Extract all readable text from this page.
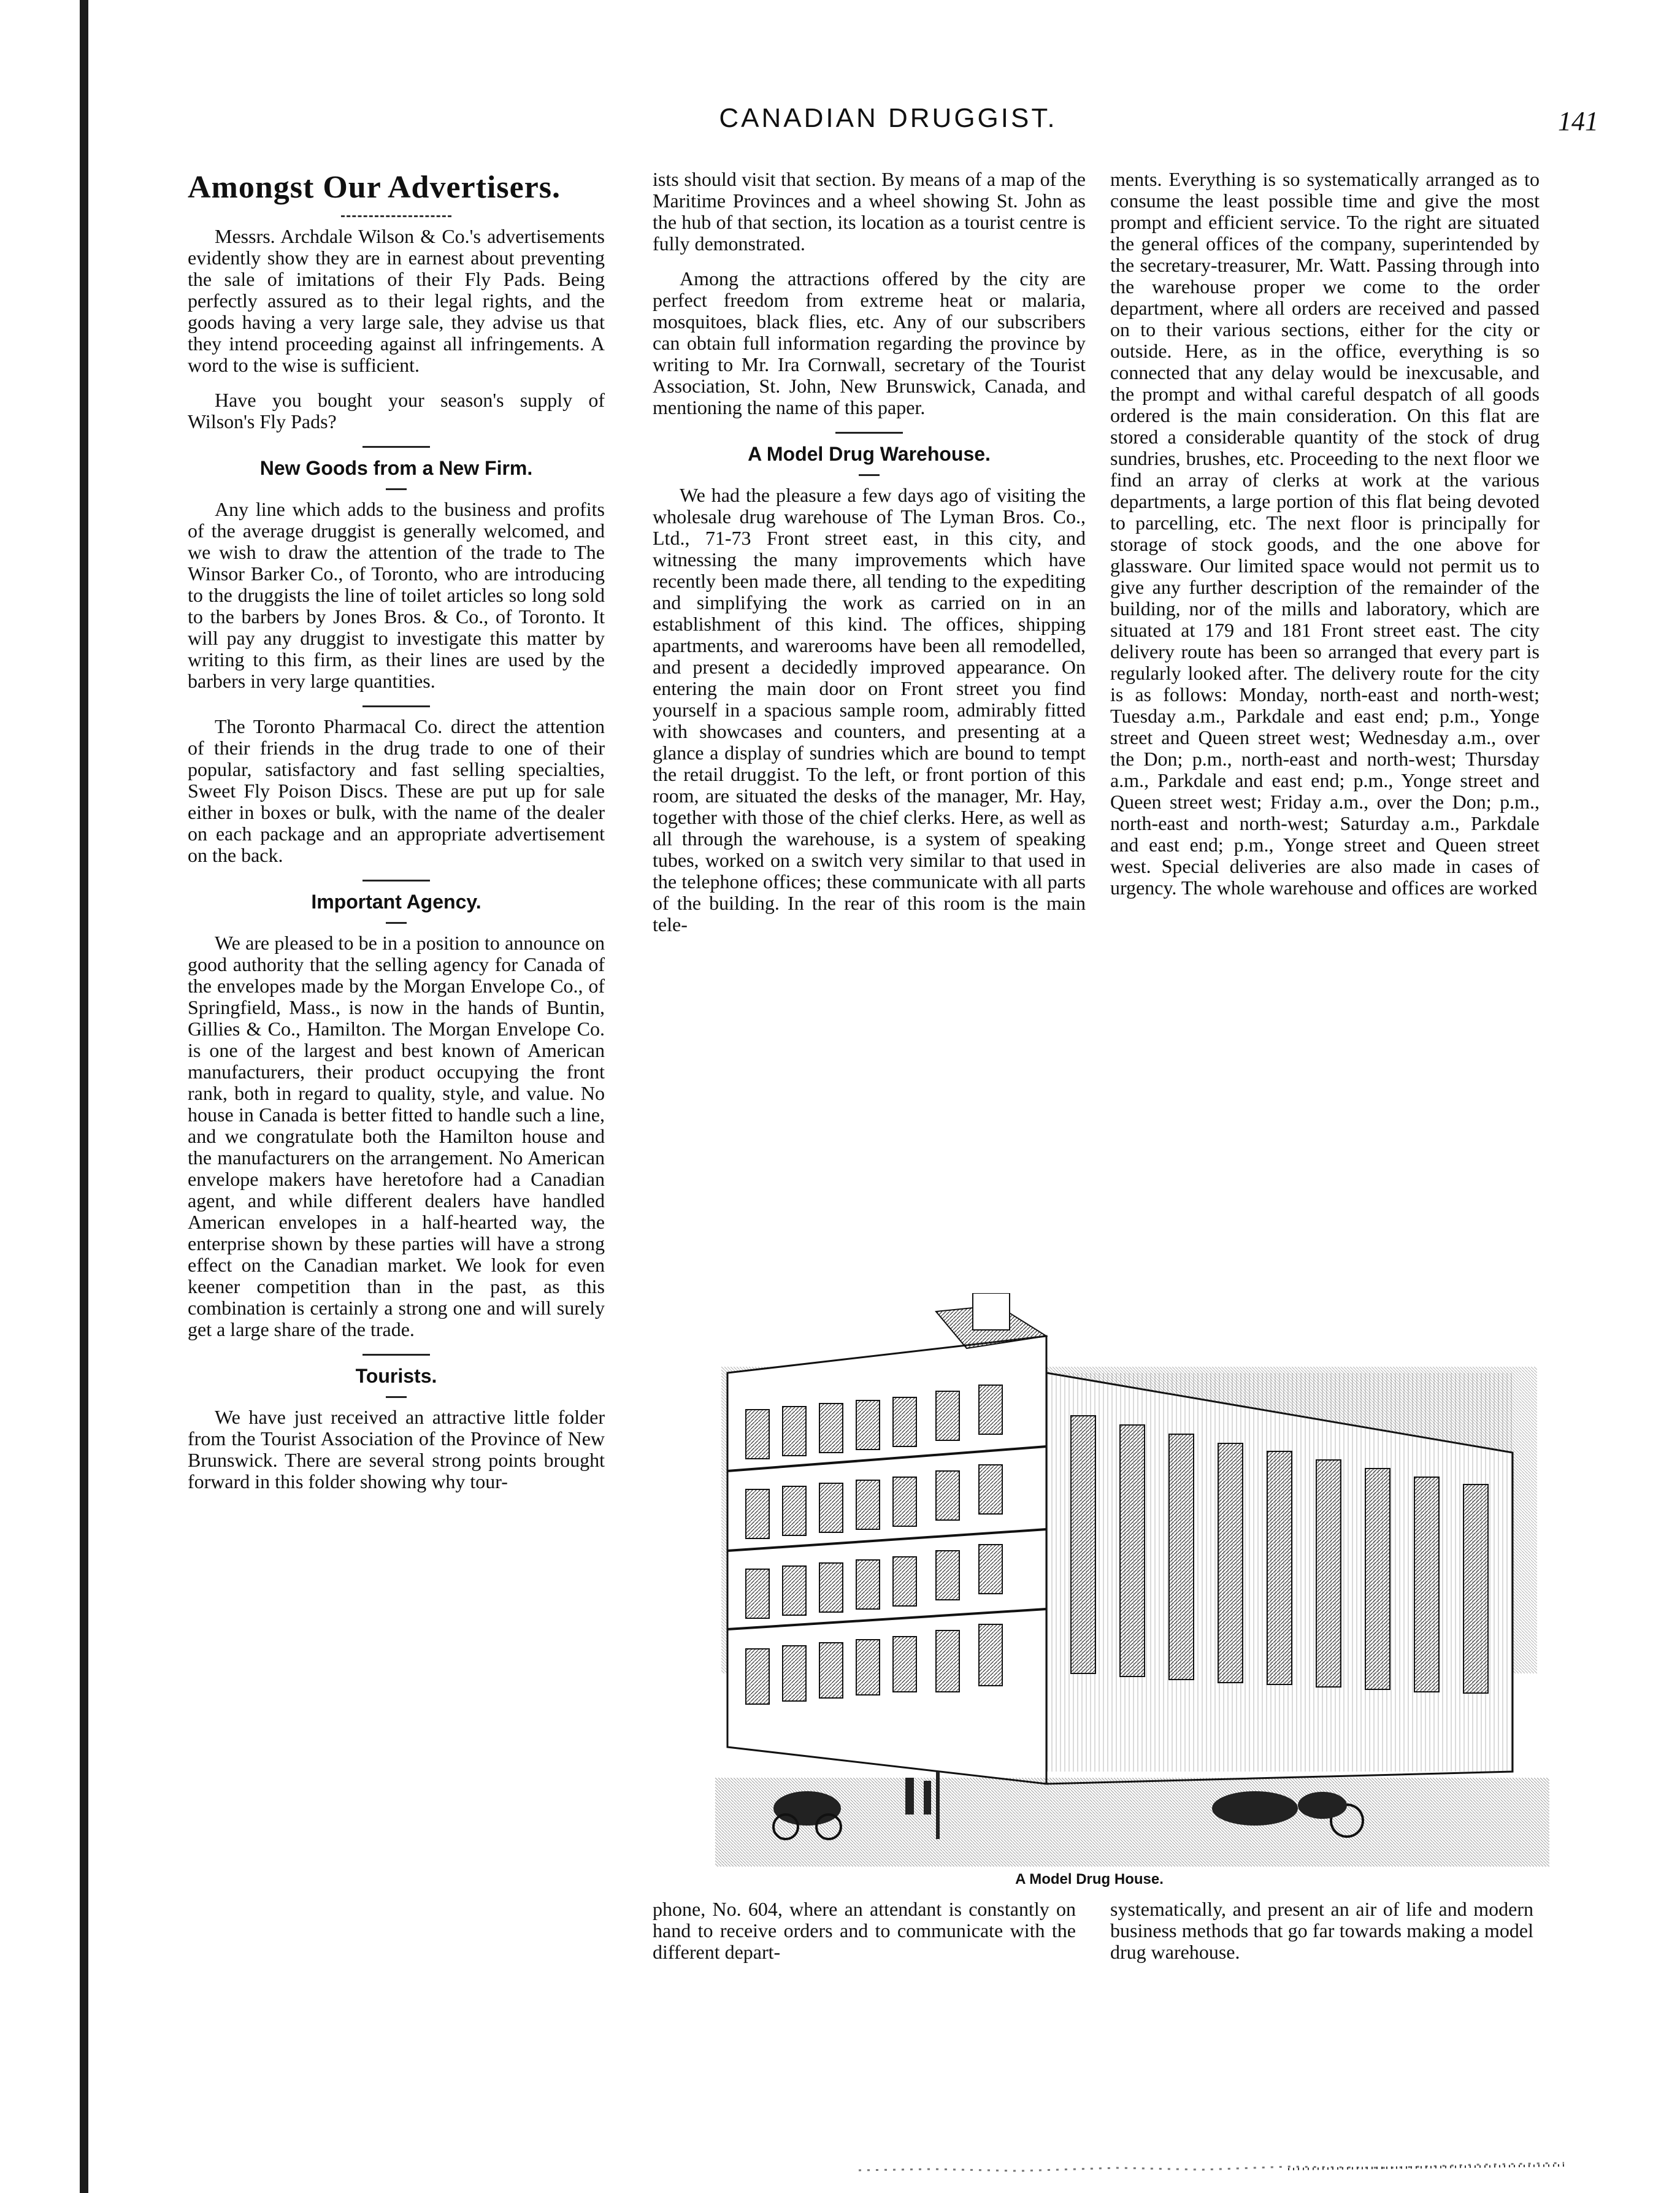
CANADIAN DRUGGIST.	141
Amongst Our Advertisers.

Messrs. Archdale Wilson & Co.'s advertisements evidently show they are in earnest about preventing the sale of imitations of their Fly Pads. Being perfectly assured as to their legal rights, and the goods having a very large sale, they advise us that they intend proceeding against all infringements. A word to the wise is sufficient.

Have you bought your season's supply of Wilson's Fly Pads?

New Goods from a New Firm.

Any line which adds to the business and profits of the average druggist is generally welcomed, and we wish to draw the attention of the trade to The Winsor Barker Co., of Toronto, who are introducing to the druggists the line of toilet articles so long sold to the barbers by Jones Bros. & Co., of Toronto. It will pay any druggist to investigate this matter by writing to this firm, as their lines are used by the barbers in very large quantities.

The Toronto Pharmacal Co. direct the attention of their friends in the drug trade to one of their popular, satisfactory and fast selling specialties, Sweet Fly Poison Discs. These are put up for sale either in boxes or bulk, with the name of the dealer on each package and an appropriate advertisement on the back.

Important Agency.

We are pleased to be in a position to announce on good authority that the selling agency for Canada of the envelopes made by the Morgan Envelope Co., of Springfield, Mass., is now in the hands of Buntin, Gillies & Co., Hamilton. The Morgan Envelope Co. is one of the largest and best known of American manufacturers, their product occupying the front rank, both in regard to quality, style, and value. No house in Canada is better fitted to handle such a line, and we congratulate both the Hamilton house and the manufacturers on the arrangement. No American envelope makers have heretofore had a Canadian agent, and while different dealers have handled American envelopes in a half-hearted way, the enterprise shown by these parties will have a strong effect on the Canadian market. We look for even keener competition than in the past, as this combination is certainly a strong one and will surely get a large share of the trade.

Tourists.

We have just received an attractive little folder from the Tourist Association of the Province of New Brunswick. There are several strong points brought forward in this folder showing why tour-

ists should visit that section. By means of a map of the Maritime Provinces and a wheel showing St. John as the hub of that section, its location as a tourist centre is fully demonstrated.

Among the attractions offered by the city are perfect freedom from extreme heat or malaria, mosquitoes, black flies, etc. Any of our subscribers can obtain full information regarding the province by writing to Mr. Ira Cornwall, secretary of the Tourist Association, St. John, New Brunswick, Canada, and mentioning the name of this paper.

A Model Drug Warehouse.

We had the pleasure a few days ago of visiting the wholesale drug warehouse of The Lyman Bros. Co., Ltd., 71-73 Front street east, in this city, and witnessing the many improvements which have recently been made there, all tending to the expediting and simplifying the work as carried on in an establishment of this kind. The offices, shipping apartments, and warerooms have been all remodelled, and present a decidedly improved appearance. On entering the main door on Front street you find yourself in a spacious sample room, admirably fitted with showcases and counters, and presenting at a glance a display of sundries which are bound to tempt the retail druggist. To the left, or front portion of this room, are situated the desks of the manager, Mr. Hay, together with those of the chief clerks. Here, as well as all through the warehouse, is a system of speaking tubes, worked on a switch very similar to that used in the telephone offices; these communicate with all parts of the building. In the rear of this room is the main tele-

ments. Everything is so systematically arranged as to consume the least possible time and give the most prompt and efficient service. To the right are situated the general offices of the company, superintended by the secretary-treasurer, Mr. Watt. Passing through into the warehouse proper we come to the order department, where all orders are received and passed on to their various sections, either for the city or outside. Here, as in the office, everything is so connected that any delay would be inexcusable, and the prompt and withal careful despatch of all goods ordered is the main consideration. On this flat are stored a considerable quantity of the stock of drug sundries, brushes, etc. Proceeding to the next floor we find an array of clerks at work at the various departments, a large portion of this flat being devoted to parcelling, etc. The next floor is principally for storage of stock goods, and the one above for glassware. Our limited space would not permit us to give any further description of the remainder of the building, nor of the mills and laboratory, which are situated at 179 and 181 Front street east. The city delivery route has been so arranged that every part is regularly looked after. The delivery route for the city is as follows: Monday, north-east and north-west; Tuesday a.m., Parkdale and east end; p.m., Yonge street and Queen street west; Wednesday a.m., over the Don; p.m., north-east and north-west; Thursday a.m., Parkdale and east end; p.m., Yonge street and Queen street west; Friday a.m., over the Don; p.m., north-east and north-west; Saturday a.m., Parkdale and east end; p.m., Yonge street and Queen street west. Special deliveries are also made in cases of urgency. The whole warehouse and offices are worked

A Model Drug House.

phone, No. 604, where an attendant is constantly on hand to receive orders and to communicate with the different depart-

systematically, and present an air of life and modern business methods that go far towards making a model drug warehouse.
